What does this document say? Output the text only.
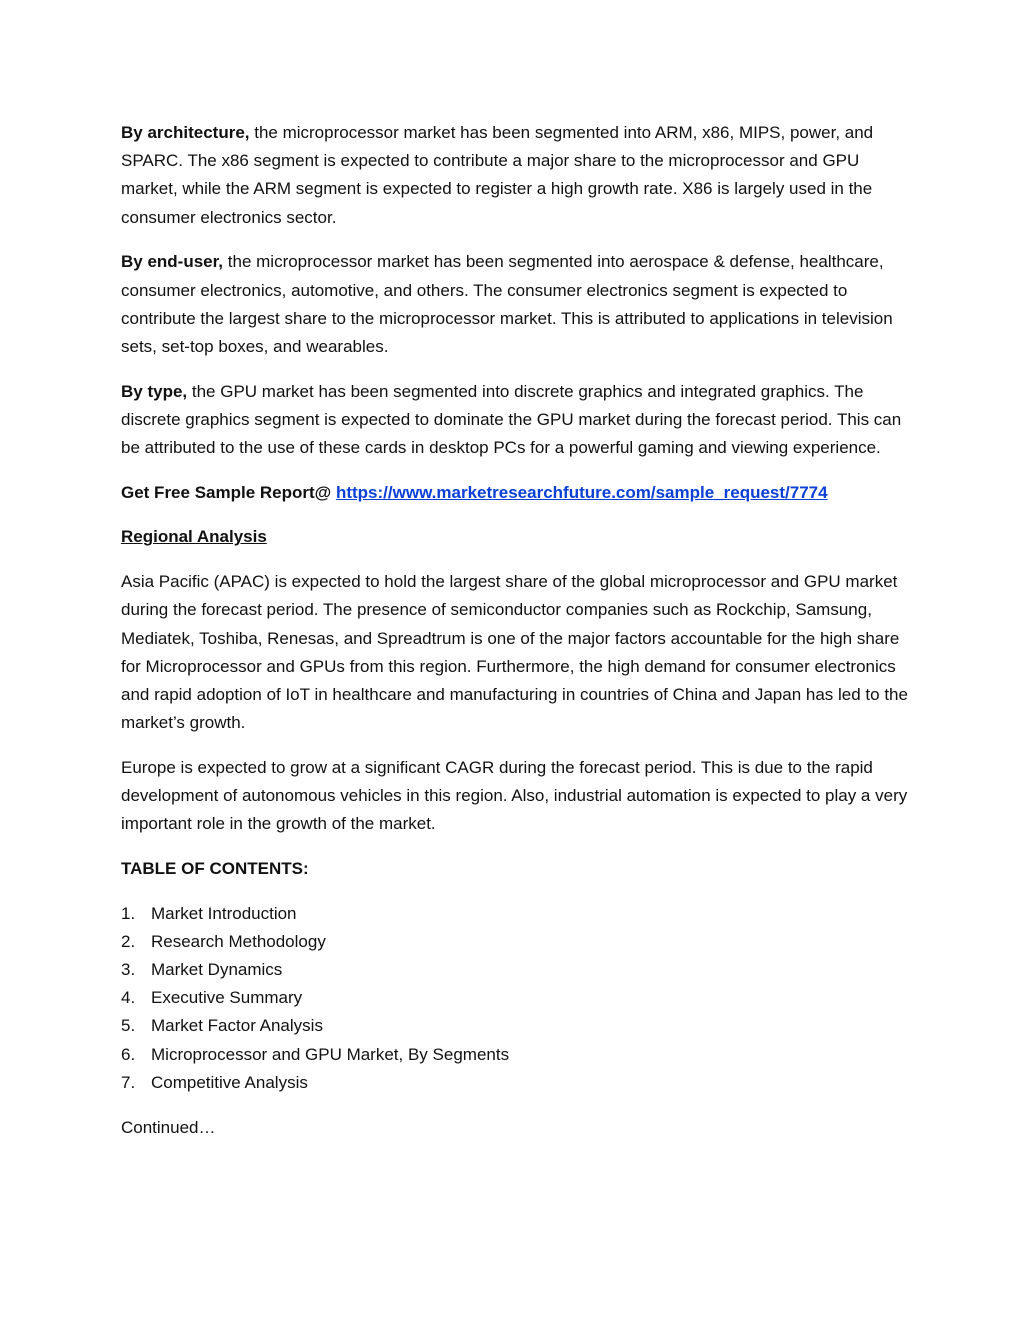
By architecture, the microprocessor market has been segmented into ARM, x86, MIPS, power, and SPARC. The x86 segment is expected to contribute a major share to the microprocessor and GPU market, while the ARM segment is expected to register a high growth rate. X86 is largely used in the consumer electronics sector.

By end-user, the microprocessor market has been segmented into aerospace & defense, healthcare, consumer electronics, automotive, and others. The consumer electronics segment is expected to contribute the largest share to the microprocessor market. This is attributed to applications in television sets, set-top boxes, and wearables.

By type, the GPU market has been segmented into discrete graphics and integrated graphics. The discrete graphics segment is expected to dominate the GPU market during the forecast period. This can be attributed to the use of these cards in desktop PCs for a powerful gaming and viewing experience.

Get Free Sample Report@ https://www.marketresearchfuture.com/sample_request/7774

Regional Analysis

Asia Pacific (APAC) is expected to hold the largest share of the global microprocessor and GPU market during the forecast period. The presence of semiconductor companies such as Rockchip, Samsung, Mediatek, Toshiba, Renesas, and Spreadtrum is one of the major factors accountable for the high share for Microprocessor and GPUs from this region. Furthermore, the high demand for consumer electronics and rapid adoption of IoT in healthcare and manufacturing in countries of China and Japan has led to the market’s growth.

Europe is expected to grow at a significant CAGR during the forecast period. This is due to the rapid development of autonomous vehicles in this region. Also, industrial automation is expected to play a very important role in the growth of the market.

TABLE OF CONTENTS:

1. Market Introduction
2. Research Methodology
3. Market Dynamics
4. Executive Summary
5. Market Factor Analysis
6. Microprocessor and GPU Market, By Segments
7. Competitive Analysis

Continued…
